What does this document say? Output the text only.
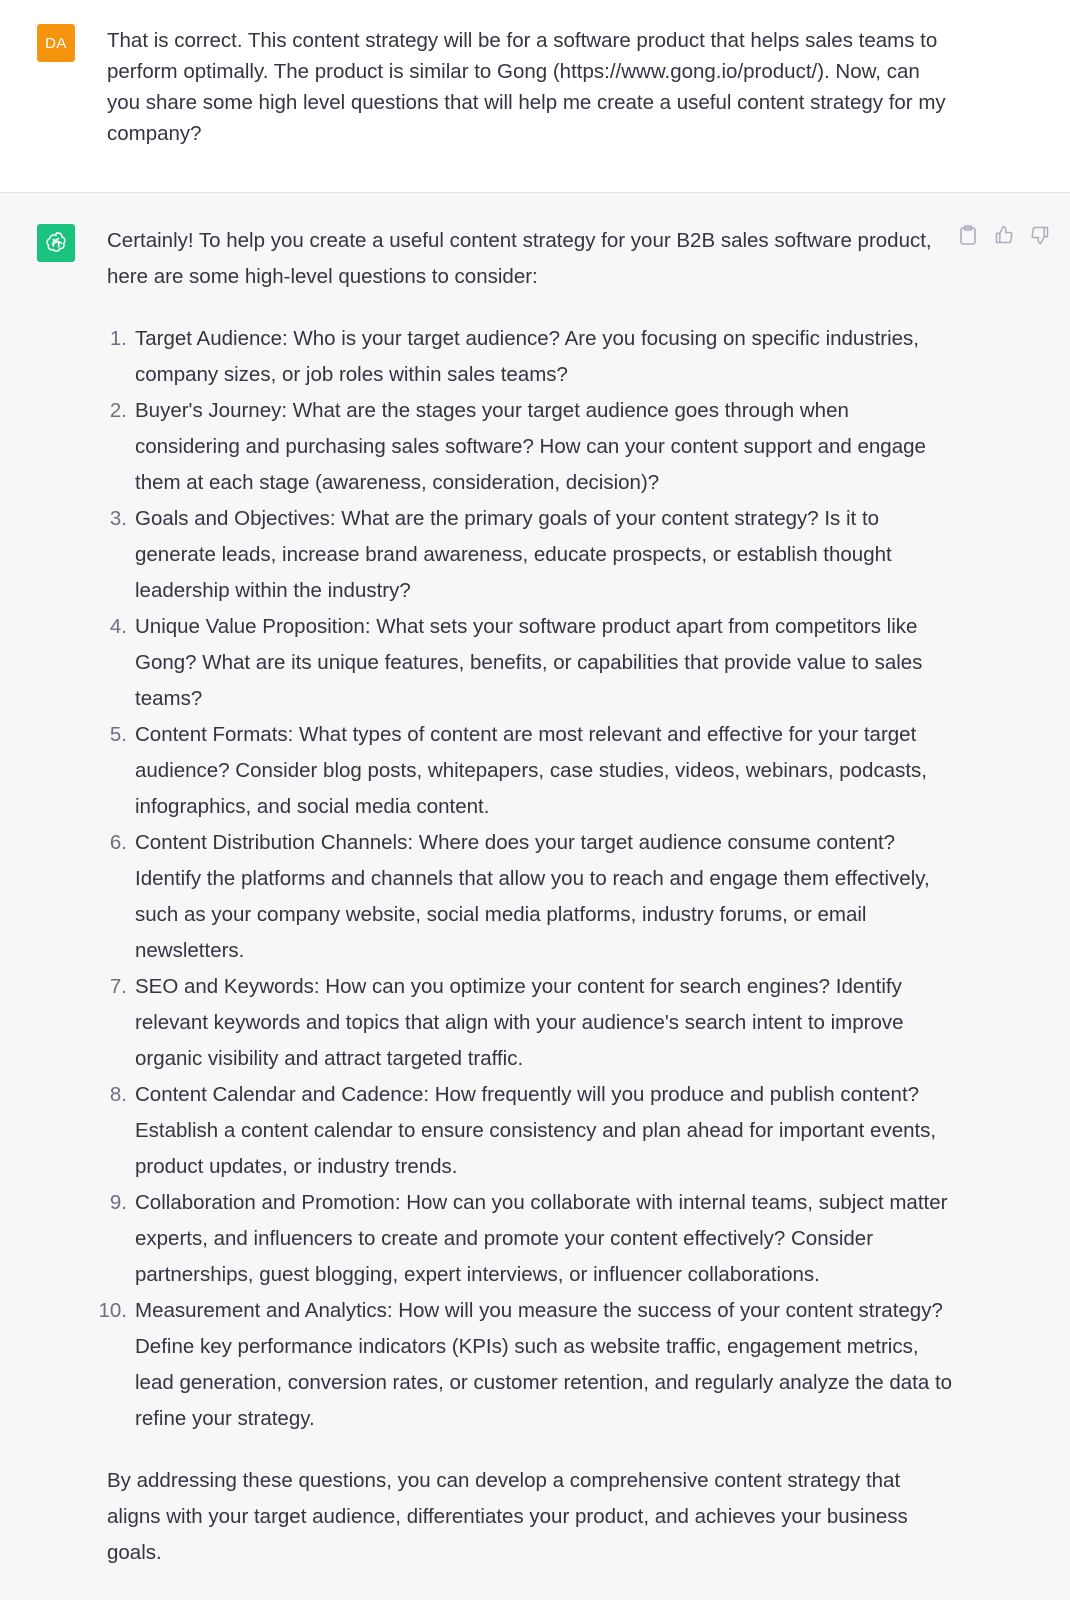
DA	That is correct. This content strategy will be for a software product that helps sales teams to perform optimally. The product is similar to Gong (https://www.gong.io/product/). Now, can you share some high level questions that will help me create a useful content strategy for my company?

Certainly! To help you create a useful content strategy for your B2B sales software product, here are some high-level questions to consider:

1. Target Audience: Who is your target audience? Are you focusing on specific industries, company sizes, or job roles within sales teams?
2. Buyer's Journey: What are the stages your target audience goes through when considering and purchasing sales software? How can your content support and engage them at each stage (awareness, consideration, decision)?
3. Goals and Objectives: What are the primary goals of your content strategy? Is it to generate leads, increase brand awareness, educate prospects, or establish thought leadership within the industry?
4. Unique Value Proposition: What sets your software product apart from competitors like Gong? What are its unique features, benefits, or capabilities that provide value to sales teams?
5. Content Formats: What types of content are most relevant and effective for your target audience? Consider blog posts, whitepapers, case studies, videos, webinars, podcasts, infographics, and social media content.
6. Content Distribution Channels: Where does your target audience consume content? Identify the platforms and channels that allow you to reach and engage them effectively, such as your company website, social media platforms, industry forums, or email newsletters.
7. SEO and Keywords: How can you optimize your content for search engines? Identify relevant keywords and topics that align with your audience's search intent to improve organic visibility and attract targeted traffic.
8. Content Calendar and Cadence: How frequently will you produce and publish content? Establish a content calendar to ensure consistency and plan ahead for important events, product updates, or industry trends.
9. Collaboration and Promotion: How can you collaborate with internal teams, subject matter experts, and influencers to create and promote your content effectively? Consider partnerships, guest blogging, expert interviews, or influencer collaborations.
10. Measurement and Analytics: How will you measure the success of your content strategy? Define key performance indicators (KPIs) such as website traffic, engagement metrics, lead generation, conversion rates, or customer retention, and regularly analyze the data to refine your strategy.

By addressing these questions, you can develop a comprehensive content strategy that aligns with your target audience, differentiates your product, and achieves your business goals.
